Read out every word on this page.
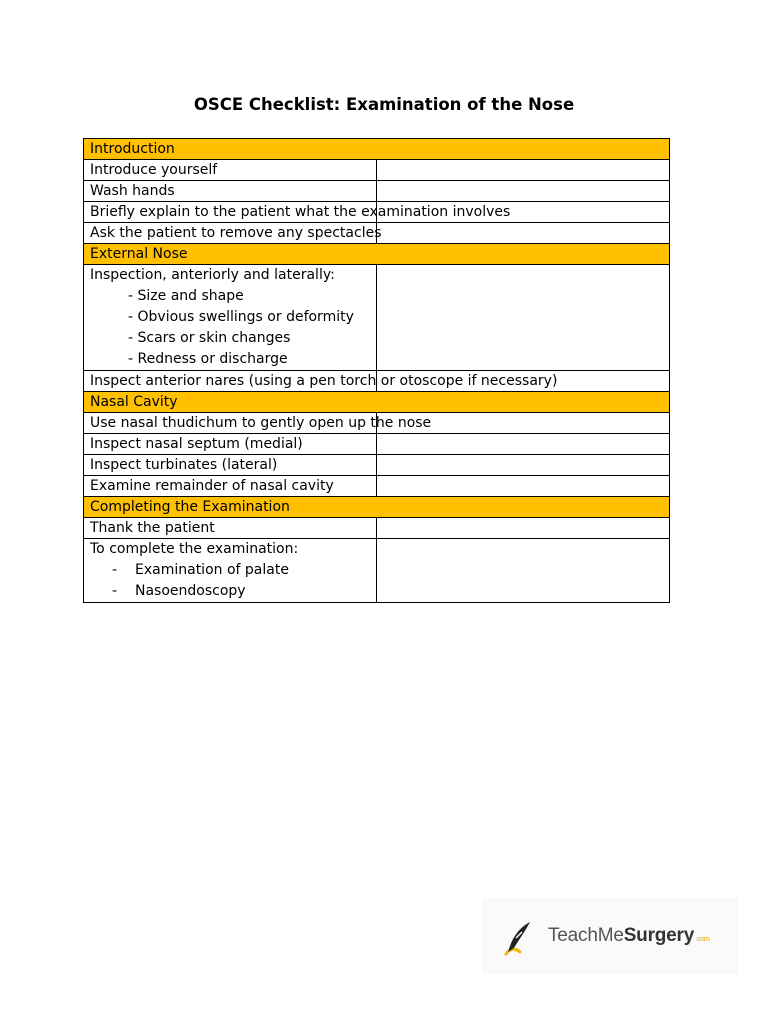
OSCE Checklist: Examination of the Nose
Introduction	
Introduce yourself	
Wash hands	
Briefly explain to the patient what the examination involves	
Ask the patient to remove any spectacles	
External Nose	

Inspection, anteriorly and laterally:
- Size and shape
- Obvious swellings or deformity
- Scars or skin changes
- Redness or discharge	

Inspect anterior nares (using a pen torch or otoscope if necessary)	
Nasal Cavity	
Use nasal thudichum to gently open up the nose	
Inspect nasal septum (medial)	
Inspect turbinates (lateral)	
Examine remainder of nasal cavity	
Completing the Examination	
Thank the patient	

To complete the examination:
- Examination of palate
- Nasoendoscopy	

TeachMeSurgery.com
